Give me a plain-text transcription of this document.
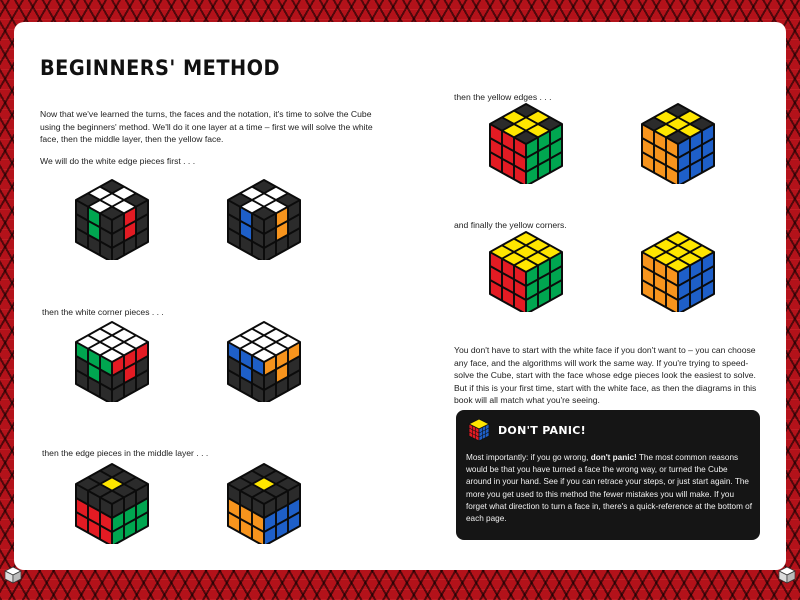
BEGINNERS' METHOD

Now that we've learned the turns, the faces and the notation, it's time to solve the Cube using the beginners' method. We'll do it one layer at a time – first we will solve the white face, then the middle layer, then the yellow face.

We will do the white edge pieces first . . .

then the white corner pieces . . .

then the edge pieces in the middle layer . . .

then the yellow edges . . .

and finally the yellow corners.

You don't have to start with the white face if you don't want to – you can choose any face, and the algorithms will work the same way. If you're trying to speed-solve the Cube, start with the face whose edge pieces look the easiest to solve. But if this is your first time, start with the white face, as then the diagrams in this book will all match what you're seeing.

DON'T PANIC!

Most importantly: if you go wrong, don't panic! The most common reasons would be that you have turned a face the wrong way, or turned the Cube around in your hand. See if you can retrace your steps, or just start again. The more you get used to this method the fewer mistakes you will make. If you forget what direction to turn a face in, there's a quick-reference at the bottom of each page.
